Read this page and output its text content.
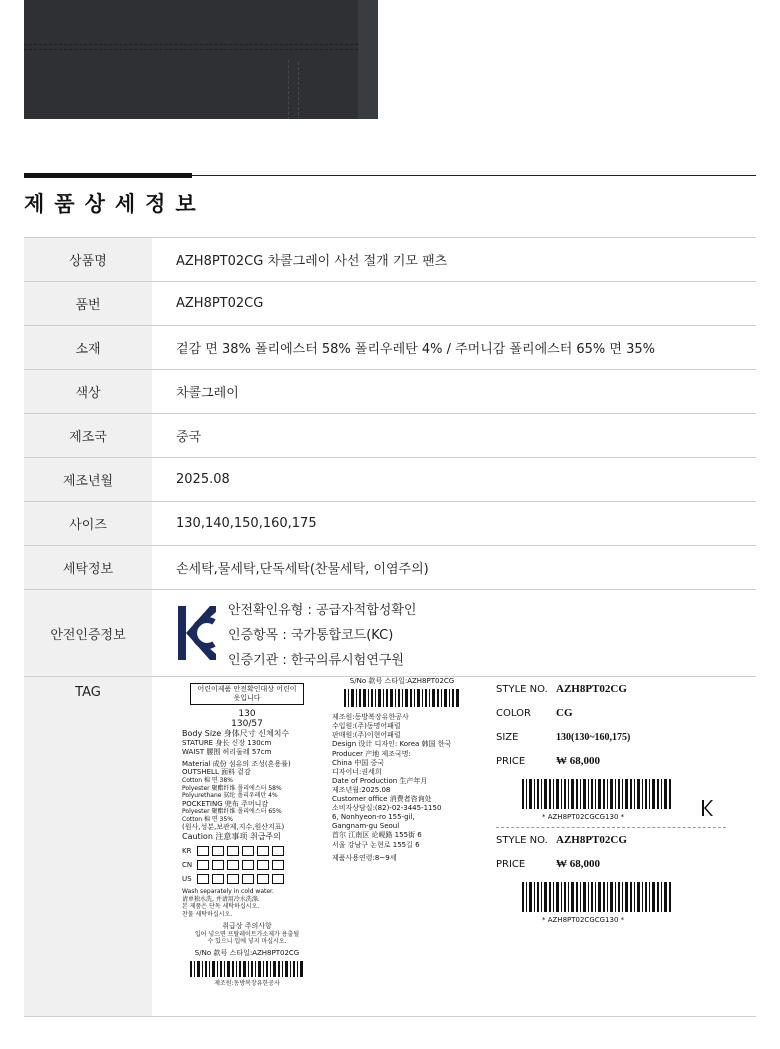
제품상세정보
상품명	AZH8PT02CG 차콜그레이 사선 절개 기모 팬츠
품번	AZH8PT02CG
소재	겉감 면 38% 폴리에스터 58% 폴리우레탄 4% / 주머니감 폴리에스터 65% 면 35%
색상	차콜그레이
제조국	중국
제조년월	2025.08
사이즈	130,140,150,160,175
세탁정보	손세탁,물세탁,단독세탁(찬물세탁, 이염주의)
안전인증정보
안전확인유형 : 공급자적합성확인
인증항목 : 국가통합코드(KC)
인증기관 : 한국의류시험연구원
TAG	어린이제품 안전확인대상 어린이 옷입니다
130
130/57
Body Size 身体尺寸 신체치수
STATURE 身长 신장 130cm
WAIST 腰围 허리둘레 57cm
Material 成份 섬유의 조성(혼용률)
OUTSHELL 面料 겉감
Cotton 棉 면 38%
Polyester 聚酯纤维 폴리에스터 58%
Polyurethane 氨纶 폴리우레탄 4%
POCKETING 兜布 주머니감
Polyester 聚酯纤维 폴리에스터 65%
Cotton 棉 면 35%
(원사,성분,보관제,지수,원산지표)
Caution 注意事项 취급주의
KR
CN
US
Wash separately in cold water.
请单独水洗, 并请用冷水洗涤.
본 제품은 단독 세탁하십시오.
찬물 세탁하십시오.
취급상 주의사항
입어 넣으면 프탈레이트가소제가 용출될
수 있으니 입에 넣지 마십시오.
S/No 款号 스타일:AZH8PT02CG
제조원:동방복장유한공사
S/No 款号 스타일:AZH8PT02CG
제조원:동방복장유한공사
수입원:(주)동명어패럴
판매원:(주)이현어패럴
Design 设计 디자인: Korea 韩国 한국
Producer 产地 제조국명:
China 中国 중국
디자이너:권세희
Date of Production 生产年月
제조년월:2025.08
Customer office 消费者咨询处
소비자상담실:(82)-02-3445-1150
6, Nonhyeon-ro 155-gil,
Gangnam-gu Seoul
首尔 江南区 论岘路 155街 6
서울 강남구 논현로 155길 6
제품사용연령:8~9세
STYLE NO. AZH8PT02CG
COLOR	CG
SIZE	130(130~160,175)
PRICE	₩ 68,000
* AZH8PT02CGCG130 *
STYLE NO. AZH8PT02CG
PRICE	₩ 68,000
* AZH8PT02CGCG130 *
